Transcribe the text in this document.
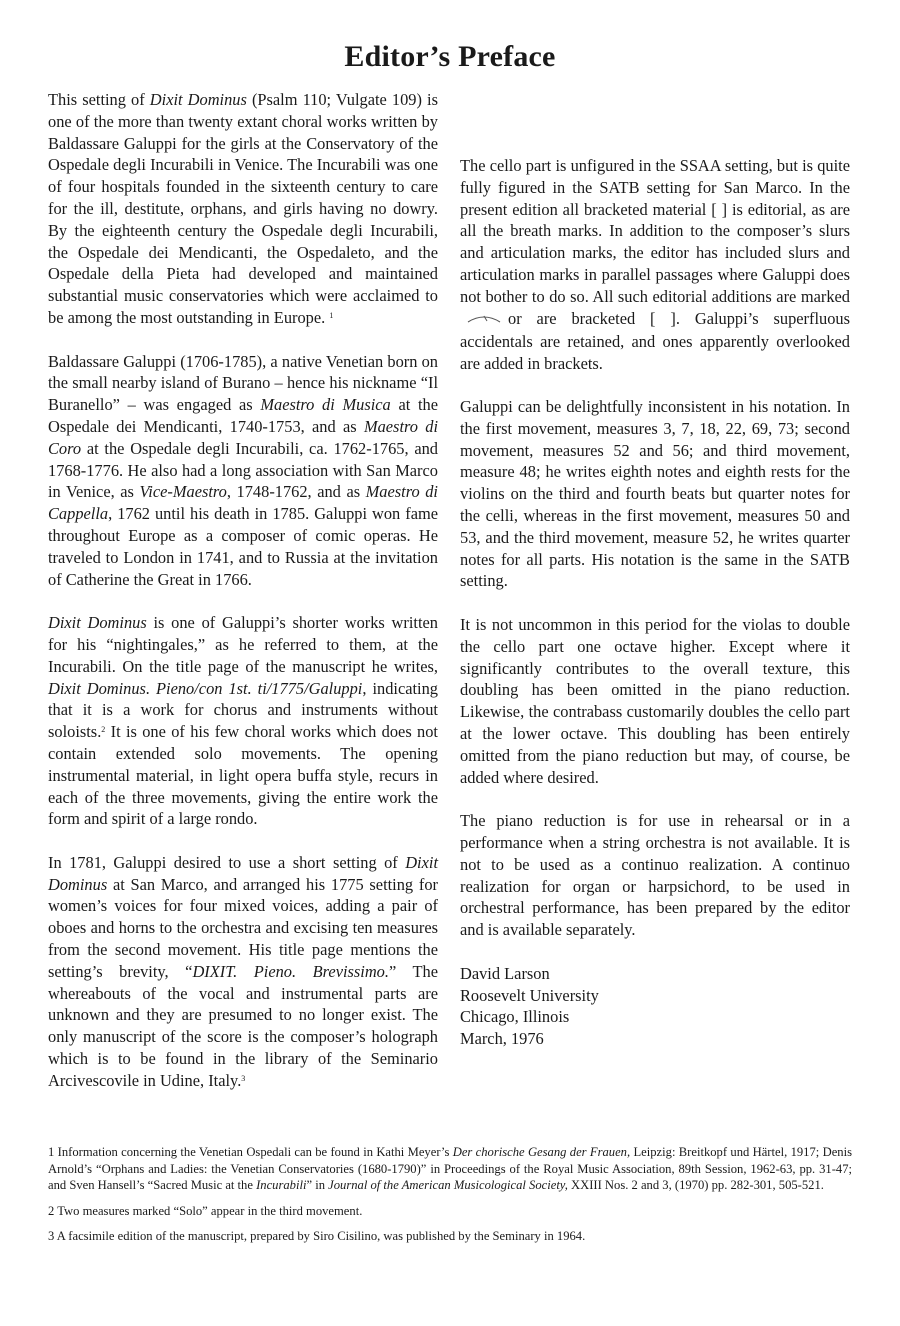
Editor’s Preface

This setting of Dixit Dominus (Psalm 110; Vulgate 109) is one of the more than twenty extant choral works written by Baldassare Galuppi for the girls at the Conservatory of the Ospedale degli Incurabili in Venice. The Incurabili was one of four hospitals founded in the sixteenth century to care for the ill, destitute, orphans, and girls having no dowry. By the eighteenth century the Ospedale degli Incurabili, the Ospedale dei Mendicanti, the Ospedaleto, and the Ospedale della Pieta had developed and maintained substantial music conservatories which were acclaimed to be among the most outstanding in Europe. $^1$

Baldassare Galuppi (1706-1785), a native Venetian born on the small nearby island of Burano – hence his nickname “Il Buranello” – was engaged as Maestro di Musica at the Ospedale dei Mendicanti, 1740-1753, and as Maestro di Coro at the Ospedale degli Incurabili, ca. 1762-1765, and 1768-1776. He also had a long association with San Marco in Venice, as Vice-Maestro, 1748-1762, and as Maestro di Cappella, 1762 until his death in 1785. Galuppi won fame throughout Europe as a composer of comic operas. He traveled to London in 1741, and to Russia at the invitation of Catherine the Great in 1766.

Dixit Dominus is one of Galuppi’s shorter works written for his “nightingales,” as he referred to them, at the Incurabili. On the title page of the manuscript he writes, Dixit Dominus. Pieno/con 1st. ti/1775/Galuppi, indicating that it is a work for chorus and instruments without soloists.$^2$ It is one of his few choral works which does not contain extended solo movements. The opening instrumental material, in light opera buffa style, recurs in each of the three movements, giving the entire work the form and spirit of a large rondo.

In 1781, Galuppi desired to use a short setting of Dixit Dominus at San Marco, and arranged his 1775 setting for women’s voices for four mixed voices, adding a pair of oboes and horns to the orchestra and excising ten measures from the second movement. His title page mentions the setting’s brevity, “DIXIT. Pieno. Brevissimo.” The whereabouts of the vocal and instrumental parts are unknown and they are presumed to no longer exist. The only manuscript of the score is the composer’s holograph which is to be found in the library of the Seminario Arcivescovile in Udine, Italy.$^3$

The cello part is unfigured in the SSAA setting, but is quite fully figured in the SATB setting for San Marco. In the present edition all bracketed material [ ] is editorial, as are all the breath marks. In addition to the composer’s slurs and articulation marks, the editor has included slurs and articulation marks in parallel passages where Galuppi does not bother to do so. All such editorial additions are markedor are bracketed [ ]. Galuppi’s superfluous accidentals are retained, and ones apparently overlooked are added in brackets.

Galuppi can be delightfully inconsistent in his notation. In the first movement, measures 3, 7, 18, 22, 69, 73; second movement, measures 52 and 56; and third movement, measure 48; he writes eighth notes and eighth rests for the violins on the third and fourth beats but quarter notes for the celli, whereas in the first movement, measures 50 and 53, and the third movement, measure 52, he writes quarter notes for all parts. His notation is the same in the SATB setting.

It is not uncommon in this period for the violas to double the cello part one octave higher. Except where it significantly contributes to the overall texture, this doubling has been omitted in the piano reduction. Likewise, the contrabass customarily doubles the cello part at the lower octave. This doubling has been entirely omitted from the piano reduction but may, of course, be added where desired.

The piano reduction is for use in rehearsal or in a performance when a string orchestra is not available. It is not to be used as a continuo realization. A continuo realization for organ or harpsichord, to be used in orchestral performance, has been prepared by the editor and is available separately.

David Larson

Roosevelt University

Chicago, Illinois

March, 1976

1 Information concerning the Venetian Ospedali can be found in Kathi Meyer’s Der chorische Gesang der Frauen, Leipzig: Breitkopf und Härtel, 1917; Denis Arnold’s “Orphans and Ladies: the Venetian Conservatories (1680-1790)” in Proceedings of the Royal Music Association, 89th Session, 1962-63, pp. 31-47; and Sven Hansell’s “Sacred Music at the Incurabili” in Journal of the American Musicological Society, XXIII Nos. 2 and 3, (1970) pp. 282-301, 505-521.

2 Two measures marked “Solo” appear in the third movement.

3 A facsimile edition of the manuscript, prepared by Siro Cisilino, was published by the Seminary in 1964.
